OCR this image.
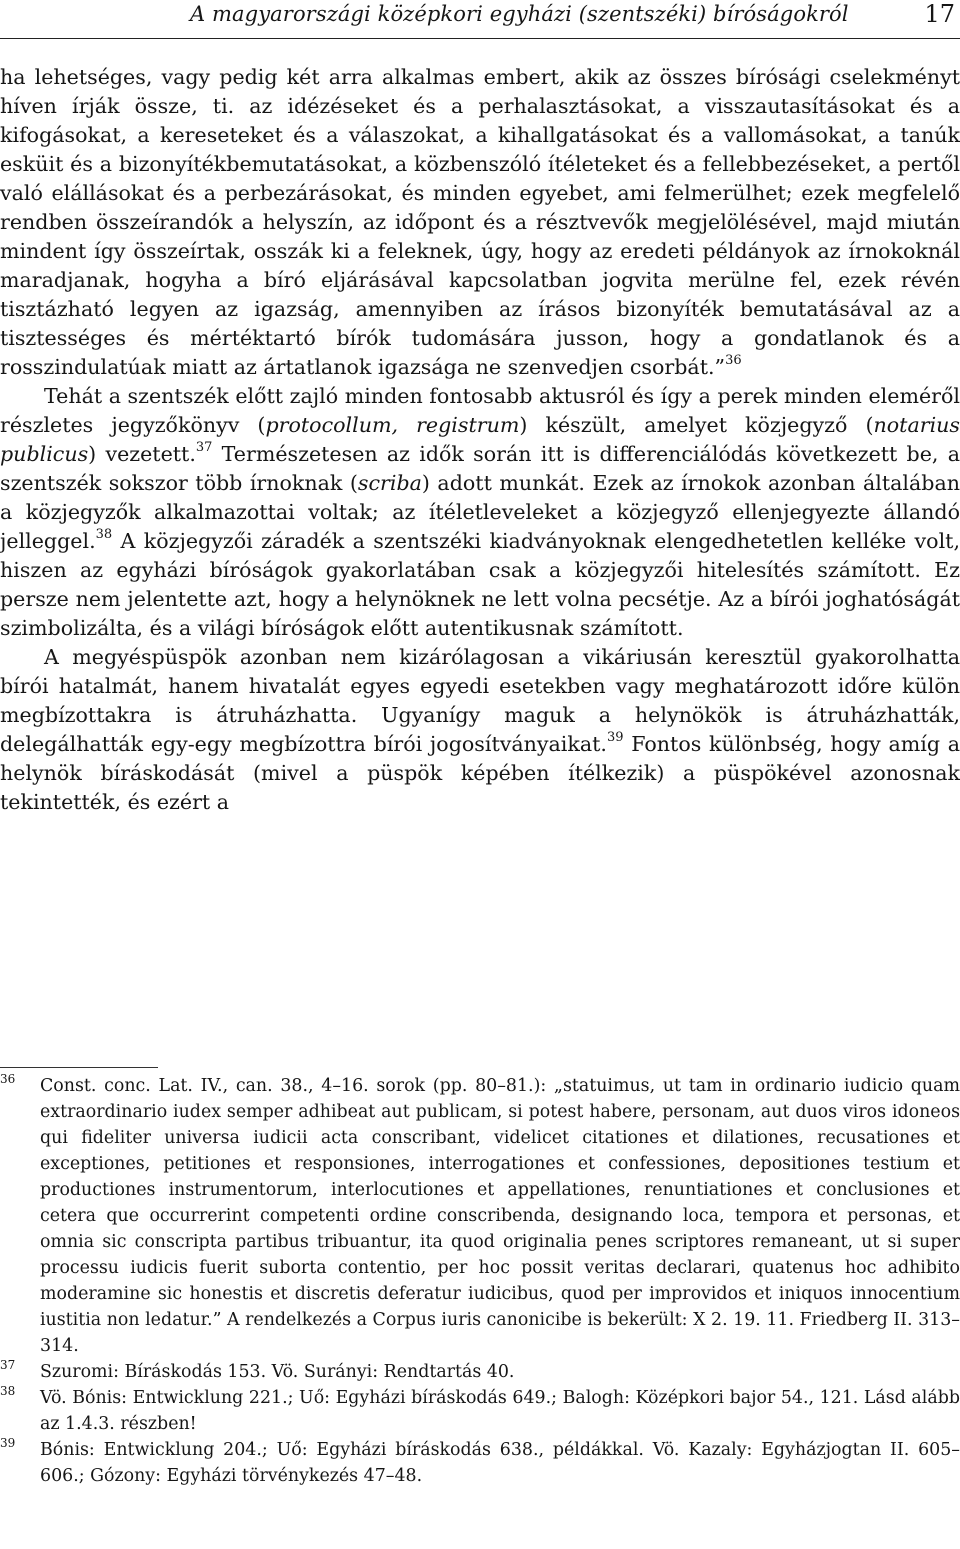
A magyarországi középkori egyházi (szentszéki) bíróságokról	17

ha lehetséges, vagy pedig két arra alkalmas embert, akik az összes bírósági cselekményt híven írják össze, ti. az idézéseket és a perhalasztásokat, a visszautasításokat és a kifogásokat, a kereseteket és a válaszokat, a kihallgatásokat és a vallomásokat, a tanúk esküit és a bizonyítékbemutatásokat, a közbenszóló ítéleteket és a fellebbezéseket, a pertől való elállásokat és a perbezárásokat, és minden egyebet, ami felmerülhet; ezek megfelelő rendben összeírandók a helyszín, az időpont és a résztvevők megjelölésével, majd miután mindent így összeírtak, osszák ki a feleknek, úgy, hogy az eredeti példányok az írnokoknál maradjanak, hogyha a bíró eljárásával kapcsolatban jogvita merülne fel, ezek révén tisztázható legyen az igazság, amennyiben az írásos bizonyíték bemutatásával az a tisztességes és mértéktartó bírók tudomására jusson, hogy a gondatlanok és a rosszindulatúak miatt az ártatlanok igazsága ne szenvedjen csorbát.”$^{36}$

Tehát a szentszék előtt zajló minden fontosabb aktusról és így a perek minden eleméről részletes jegyzőkönyv (protocollum, registrum) készült, amelyet közjegyző (notarius publicus) vezetett.$^{37}$ Természetesen az idők során itt is differenciálódás következett be, a szentszék sokszor több írnoknak (scriba) adott munkát. Ezek az írnokok azonban általában a közjegyzők alkalmazottai voltak; az ítéletleveleket a közjegyző ellenjegyezte állandó jelleggel.$^{38}$ A közjegyzői záradék a szentszéki kiadványoknak elengedhetetlen kelléke volt, hiszen az egyházi bíróságok gyakorlatában csak a közjegyzői hitelesítés számított. Ez persze nem jelentette azt, hogy a helynöknek ne lett volna pecsétje. Az a bírói joghatóságát szimbolizálta, és a világi bíróságok előtt autentikusnak számított.

A megyéspüspök azonban nem kizárólagosan a vikáriusán keresztül gyakorolhatta bírói hatalmát, hanem hivatalát egyes egyedi esetekben vagy meghatározott időre külön megbízottakra is átruházhatta. Ugyanígy maguk a helynökök is átruházhatták, delegálhatták egy-egy megbízottra bírói jogosítványaikat.$^{39}$ Fontos különbség, hogy amíg a helynök bíráskodását (mivel a püspök képében ítélkezik) a püspökével azonosnak tekintették, és ezért a

36 Const. conc. Lat. IV., can. 38., 4–16. sorok (pp. 80–81.): „statuimus, ut tam in ordinario iudicio quam extraordinario iudex semper adhibeat aut publicam, si potest habere, personam, aut duos viros idoneos qui fideliter universa iudicii acta conscribant, videlicet citationes et dilationes, recusationes et exceptiones, petitiones et responsiones, interrogationes et confessiones, depositiones testium et productiones instrumentorum, interlocutiones et appellationes, renuntiationes et conclusiones et cetera que occurrerint competenti ordine conscribenda, designando loca, tempora et personas, et omnia sic conscripta partibus tribuantur, ita quod originalia penes scriptores remaneant, ut si super processu iudicis fuerit suborta contentio, per hoc possit veritas declarari, quatenus hoc adhibito moderamine sic honestis et discretis deferatur iudicibus, quod per improvidos et iniquos innocentium iustitia non ledatur.” A rendelkezés a Corpus iuris canonicibe is bekerült: X 2. 19. 11. Friedberg II. 313–314.
37 Szuromi: Bíráskodás 153. Vö. Surányi: Rendtartás 40.
38 Vö. Bónis: Entwicklung 221.; Uő: Egyházi bíráskodás 649.; Balogh: Középkori bajor 54., 121. Lásd alább az 1.4.3. részben!
39 Bónis: Entwicklung 204.; Uő: Egyházi bíráskodás 638., példákkal. Vö. Kazaly: Egyházjogtan II. 605–606.; Gózony: Egyházi törvénykezés 47–48.
